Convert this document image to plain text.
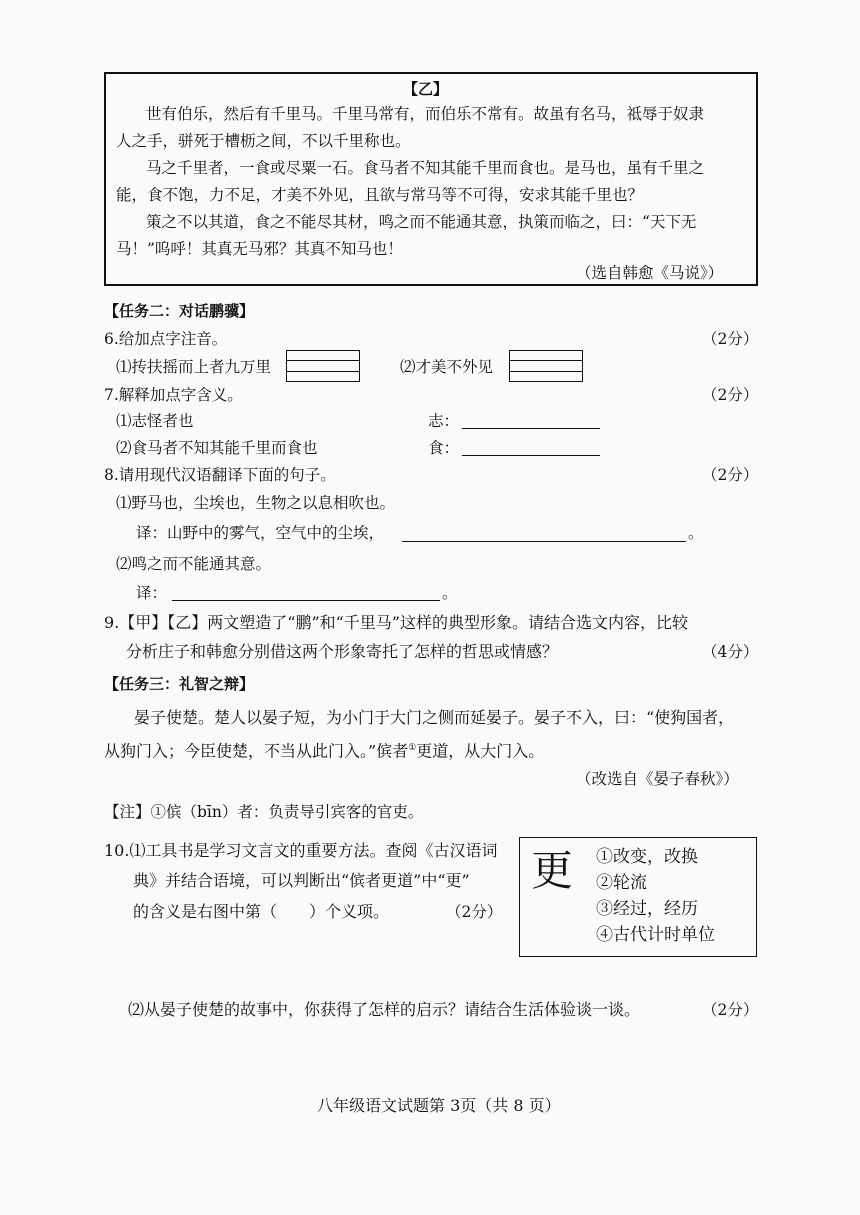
【乙】
世有伯乐，然后有千里马。千里马常有，而伯乐不常有。故虽有名马，祗辱于奴隶
人之手，骈死于槽枥之间，不以千里称也。
马之千里者，一食或尽粟一石。食马者不知其能千里而食也。是马也，虽有千里之
能，食不饱，力不足，才美不外见，且欲与常马等不可得，安求其能千里也？
策之不以其道，食之不能尽其材，鸣之而不能通其意，执策而临之，曰：“天下无
马！”呜呼！其真无马邪？其真不知马也！
（选自韩愈《马说》）
【任务二：对话鹏骥】
6.给加点字注音。	（2分）
⑴抟扶摇而上者九万里	⑵才美不外见
7.解释加点字含义。	（2分）
⑴志怪者也	志：
⑵食马者不知其能千里而食也	食：
8.请用现代汉语翻译下面的句子。	（2分）
⑴野马也，尘埃也，生物之以息相吹也。
译：山野中的雾气，空气中的尘埃，	。
⑵鸣之而不能通其意。
译：	。
9.【甲】【乙】两文塑造了“鹏”和“千里马”这样的典型形象。请结合选文内容，比较
分析庄子和韩愈分别借这两个形象寄托了怎样的哲思或情感？	（4分）
【任务三：礼智之辩】
晏子使楚。楚人以晏子短，为小门于大门之侧而延晏子。晏子不入，曰：“使狗国者，
从狗门入；今臣使楚，不当从此门入。”傧者①更道，从大门入。
（改选自《晏子春秋》）
【注】①傧（bīn）者：负责导引宾客的官吏。
10.⑴工具书是学习文言文的重要方法。查阅《古汉语词
典》并结合语境，可以判断出“傧者更道”中“更”
的含义是右图中第（　　）个义项。	（2分）
更 ①改变，改换
②轮流
③经过，经历
④古代计时单位
⑵从晏子使楚的故事中，你获得了怎样的启示？请结合生活体验谈一谈。	（2分）
八年级语文试题第 3页（共 8 页）
